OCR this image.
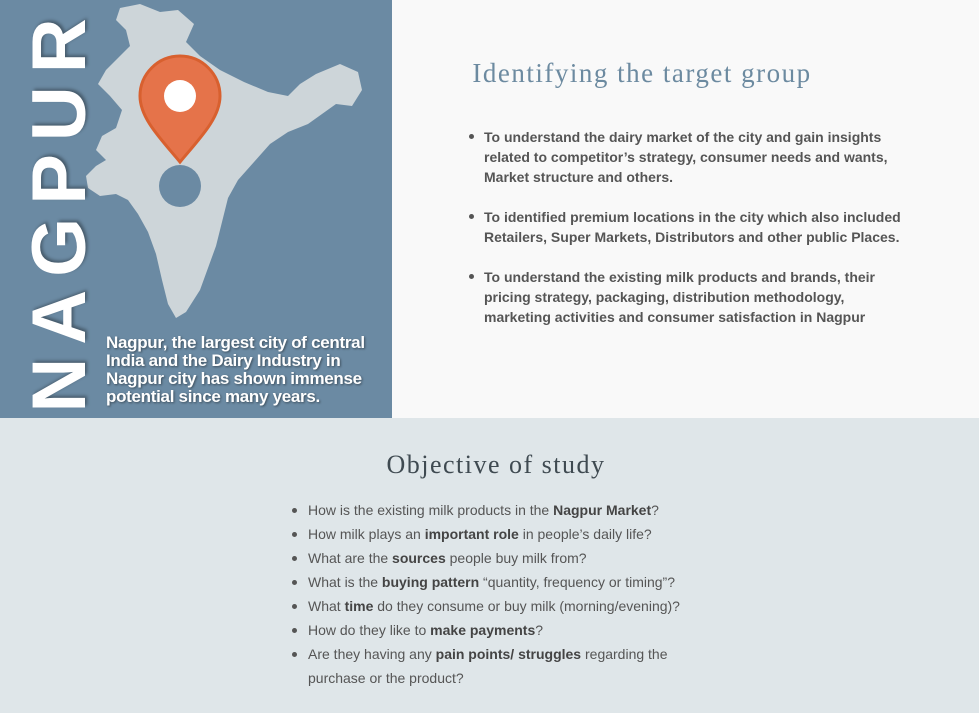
NAGPUR Nagpur, the largest city of central India and the Dairy Industry in Nagpur city has shown immense potential since many years.
Identifying the target group
To understand the dairy market of the city and gain insights related to competitor’s strategy, consumer needs and wants, Market structure and others.
To identified premium locations in the city which also included Retailers, Super Markets, Distributors and other public Places.
To understand the existing milk products and brands, their pricing strategy, packaging, distribution methodology, marketing activities and consumer satisfaction in Nagpur
Objective of study
How is the existing milk products in the Nagpur Market?
How milk plays an important role in people’s daily life?
What are the sources people buy milk from?
What is the buying pattern “quantity, frequency or timing”?
What time do they consume or buy milk (morning/evening)?
How do they like to make payments?
Are they having any pain points/ struggles regarding the purchase or the product?
